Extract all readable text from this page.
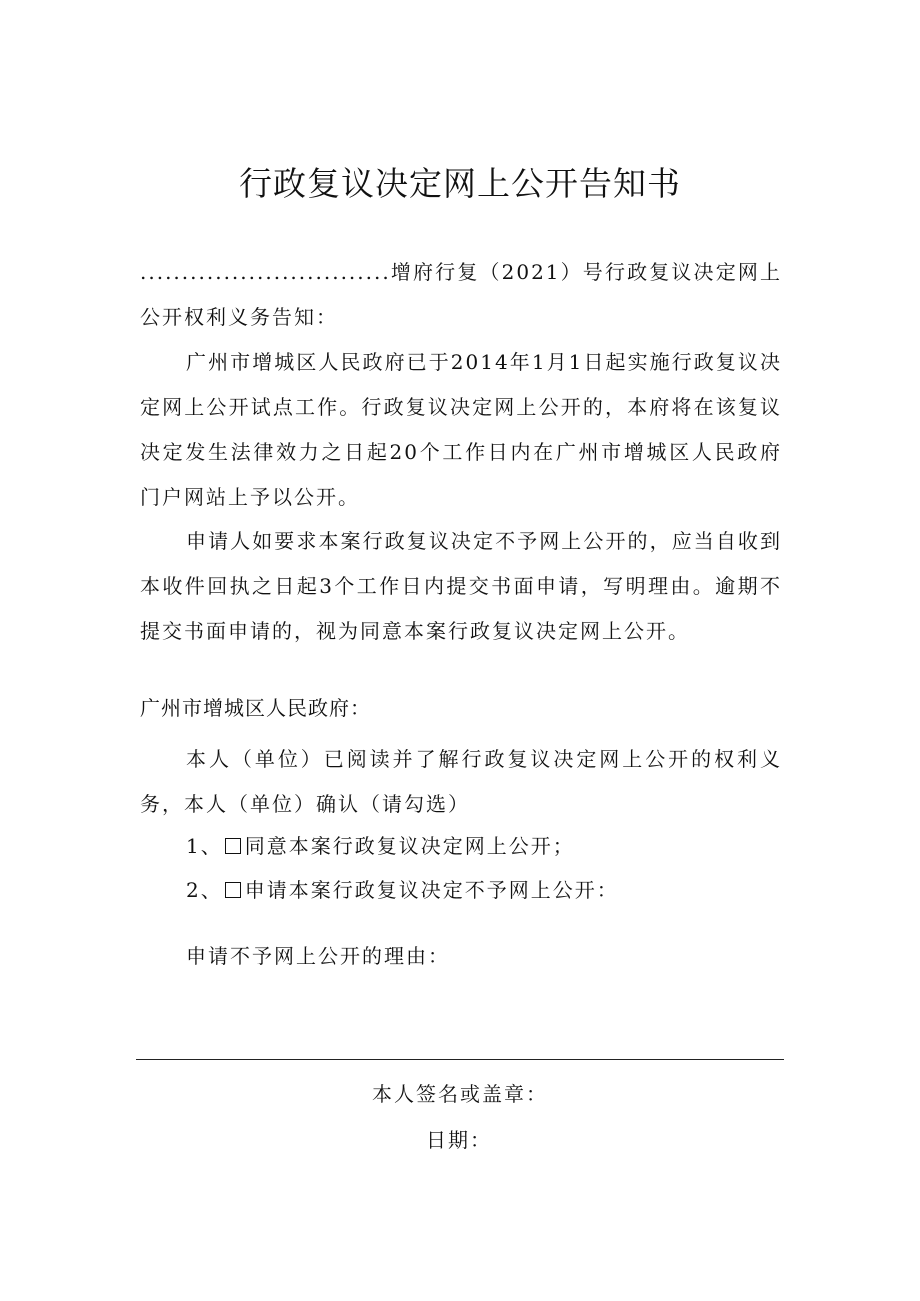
行政复议决定网上公开告知书

..............................增府行复（2021）号行政复议决定网上公开权利义务告知：

广州市增城区人民政府已于2014年1月1日起实施行政复议决定网上公开试点工作。行政复议决定网上公开的，本府将在该复议决定发生法律效力之日起20个工作日内在广州市增城区人民政府门户网站上予以公开。

申请人如要求本案行政复议决定不予网上公开的，应当自收到本收件回执之日起3个工作日内提交书面申请，写明理由。逾期不提交书面申请的，视为同意本案行政复议决定网上公开。

广州市增城区人民政府：

本人（单位）已阅读并了解行政复议决定网上公开的权利义务，本人（单位）确认（请勾选）

1、 同意本案行政复议决定网上公开；

2、 申请本案行政复议决定不予网上公开：

申请不予网上公开的理由：

本人签名或盖章：

日期：
